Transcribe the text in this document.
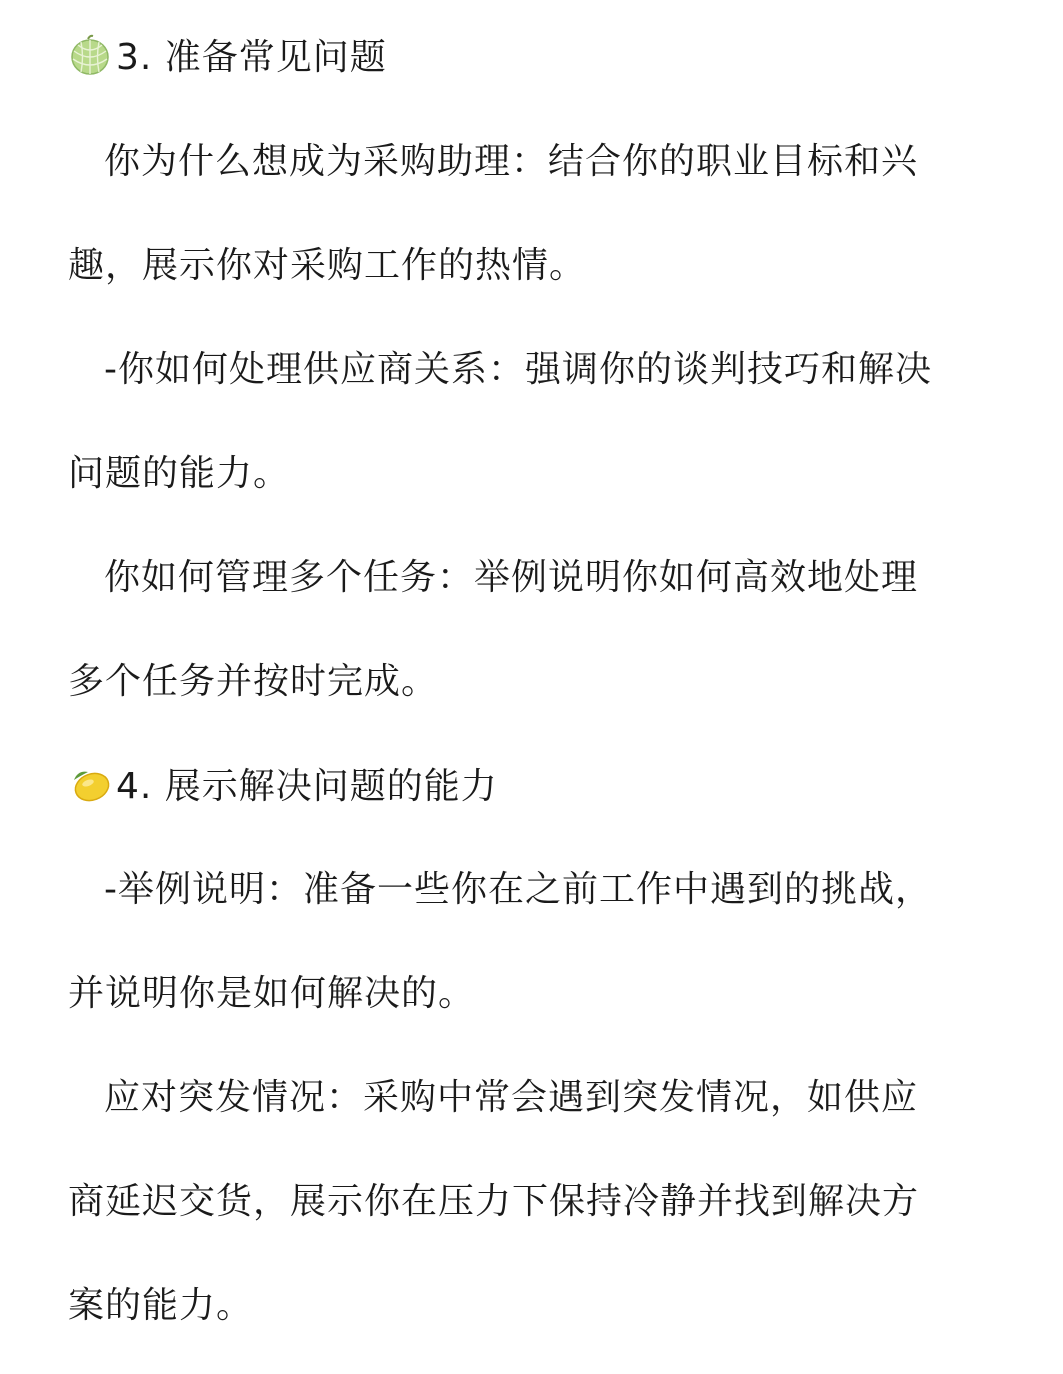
3. 准备常见问题
你为什么想成为采购助理：结合你的职业目标和兴
趣，展示你对采购工作的热情。
-你如何处理供应商关系：强调你的谈判技巧和解决
问题的能力。
你如何管理多个任务：举例说明你如何高效地处理
多个任务并按时完成。
4. 展示解决问题的能力
-举例说明：准备一些你在之前工作中遇到的挑战，
并说明你是如何解决的。
应对突发情况：采购中常会遇到突发情况，如供应
商延迟交货，展示你在压力下保持冷静并找到解决方
案的能力。
